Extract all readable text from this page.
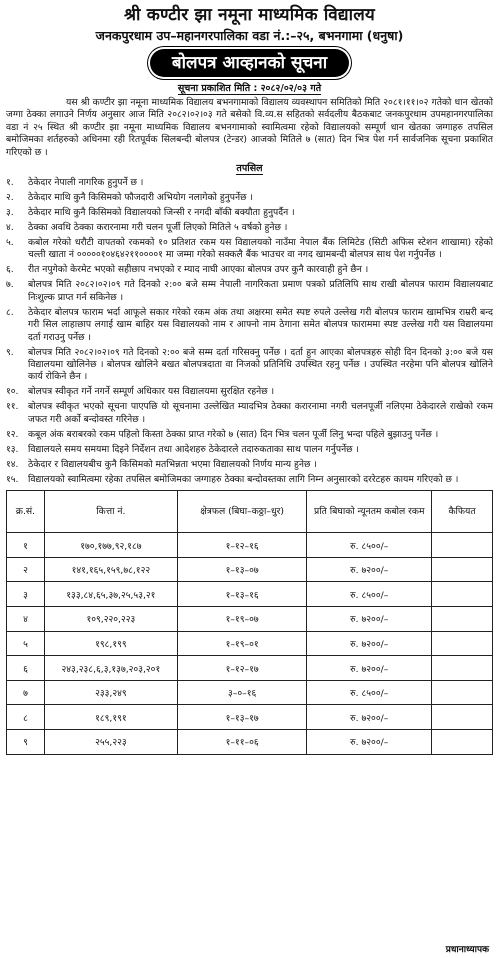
श्री कण्टीर झा नमूना माध्यमिक विद्यालय
जनकपुरधाम उप–महानगरपालिका वडा नं.:–२५, बभनगामा (धनुषा)
बोलपत्र आव्हानको सूचना
सूचना प्रकाशित मिति : २०८२/०२/०३ गते

यस श्री कण्टीर झा नमूना माध्यमिक विद्यालय बभनगामाको विद्यालय व्यवस्थापन समितिको मिति २०८१।११।०२ गतेको धान खेतको जग्गा ठेक्का लगाउने निर्णय अनुसार आज मिति २०८२।०२।०३ गते बसेको वि.व्य.स सहितको सर्वदलीय बैठकबाट जनकपुरधाम उपमहानगरपालिका वडा नं २५ स्थित श्री कण्टीर झा नमूना माध्यमिक विद्यालय बभनगामाको स्वामित्वमा रहेको विद्यालयको सम्पूर्ण धान खेतका जग्गाहरु तपसिल बमोजिमका शर्तहरुको अधिनमा रही रितपूर्वक सिलबन्दी बोलपत्र (टेन्डर) आजको मितिले ७ (सात) दिन भित्र पेश गर्न सार्वजनिक सूचना प्रकाशित गरिएको छ ।

तपसिल
१.	ठेकेदार नेपाली नागरिक हुनुपर्ने छ ।
२.	ठेकेदार माथि कुनै किसिमको फौजदारी अभियोग नलागेको हुनुपर्नेछ ।
३.	ठेकेदार माथि कुनै किसिमको विद्यालयको जिन्सी र नगदी बाँकी बक्यौता हुनुपर्दैन ।
४.	ठेक्का अवधि ठेक्का करारनामा गरी चलन पूर्जी लिएको मितिले ५ वर्षको हुनेछ ।
५.	कबोल गरेको धरौटी वापतको रकमको १० प्रतिशत रकम यस विद्यालयको नाउँमा नेपाल बैंक लिमिटेड (सिटी अफिस स्टेशन शाखामा) रहेको चल्ती खाता नं ०००००१०४६४२११००००१ मा जम्मा गरेको सक्कलै बैंक भाउचर वा नगद खामबन्दी बोलपत्र साथ पेश गर्नुपर्नेछ ।
६.	रीत नपुगेको केरमेट भएको सहीछाप नभएको र म्याद नाघी आएका बोलपत्र उपर कुनै कारवाही हुने छैन ।
७.	बोलपत्र मिति २०८२।०२।०९ गते दिनको २:०० बजे सम्म नेपाली नागरिकता प्रमाण पत्रको प्रतिलिपि साथ राखी बोलपत्र फाराम विद्यालयबाट निःशुल्क प्राप्त गर्न सकिनेछ ।
८.	ठेकेदार बोलपत्र फाराम भर्दा आफूले सकार गरेको रकम अंक तथा अक्षरमा समेत स्पष्ट रुपले उल्लेख गरी बोलपत्र फाराम खामभित्र राम्ररी बन्द गरी सिल लाहाछाप लगाई खाम बाहिर यस विद्यालयको नाम र आफ्नो नाम ठेगाना समेत बोलपत्र फाराममा स्पष्ट उल्लेख गरी यस विद्यालयमा दर्ता गराउनु पर्नेछ ।
९.	बोलपत्र मिति २०८२।०२।०९ गते दिनको २:०० बजे सम्म दर्ता गरिसक्नु पर्नेछ । दर्ता हुन आएका बोलपत्रहरु सोही दिन दिनको ३:०० बजे यस विद्यालयमा खोलिनेछ । बोलपत्र खोलिने बखत बोलपत्रदाता वा निजको प्रतिनिधि उपस्थित रहनु पर्नेछ । उपस्थित नरहेमा पनि बोलपत्र खोलिने कार्य रोकिने छैन ।
१०.	बोलपत्र स्वीकृत गर्ने नगर्ने सम्पूर्ण अधिकार यस विद्यालयमा सुरक्षित रहनेछ ।
११.	बोलपत्र स्वीकृत भएको सूचना पाएपछि यो सूचनामा उल्लेखित म्यादभित्र ठेक्का करारनामा नगरी चलनपूर्जी नलिएमा ठेकेदारले राखेको रकम जफत गरी अर्को बन्दोवस्त गरिनेछ ।
१२.	कबूल अंक बराबरको रकम पहिलो किस्ता ठेक्का प्राप्त गरेको ७ (सात) दिन भित्र चलन पूर्जी लिनु भन्दा पहिले बुझाउनु पर्नेछ ।
१३.	विद्यालयले समय समयमा दिइने निर्देशन तथा आदेशहरु ठेकेदारले तदारुकताका साथ पालन गर्नुपर्नेछ ।
१४.	ठेकेदार र विद्यालयबीच कुनै किसिमको मतभिन्नता भएमा विद्यालयको निर्णय मान्य हुनेछ ।
१५.	विद्यालयको स्वामित्वमा रहेका तपसिल बमोजिमका जग्गाहरु ठेक्का बन्दोवस्तका लागि निम्न अनुसारको दररेटहरु कायम गरिएको छ ।
क्र.सं.	कित्ता नं.	क्षेत्रफल (बिघा–कठ्ठा–धुर)	प्रति बिघाको न्यूनतम कबोल रकम	कैफियत
१	१७०,१७७,९२,१८७	१–१२–१६	रु. ८५००/–	
२	१४१,१६५,१५९,७८,१२२	१–१३–०७	रु. ७२००/–	
३	१३३,८४,६५,३७,२५,५३,२१	१–१३–१६	रु. ८५००/–	
४	१०९,२२०,२२३	१–१९–०७	रु. ७२००/–	
५	१९८,१९९	१–१९–०१	रु. ७२००/–	
६	२४३,२३८,६,३,१३७,२०३,२०१	१–१२–१७	रु. ७२००/–	
७	२३३,२४९	३–०–१६	रु. ८५००/–	
८	१८९,१९१	१–१३–१७	रु. ७२००/–	
९	२५५,२२३	१–११–०६	रु. ७२००/–	
प्रधानाध्यापक
